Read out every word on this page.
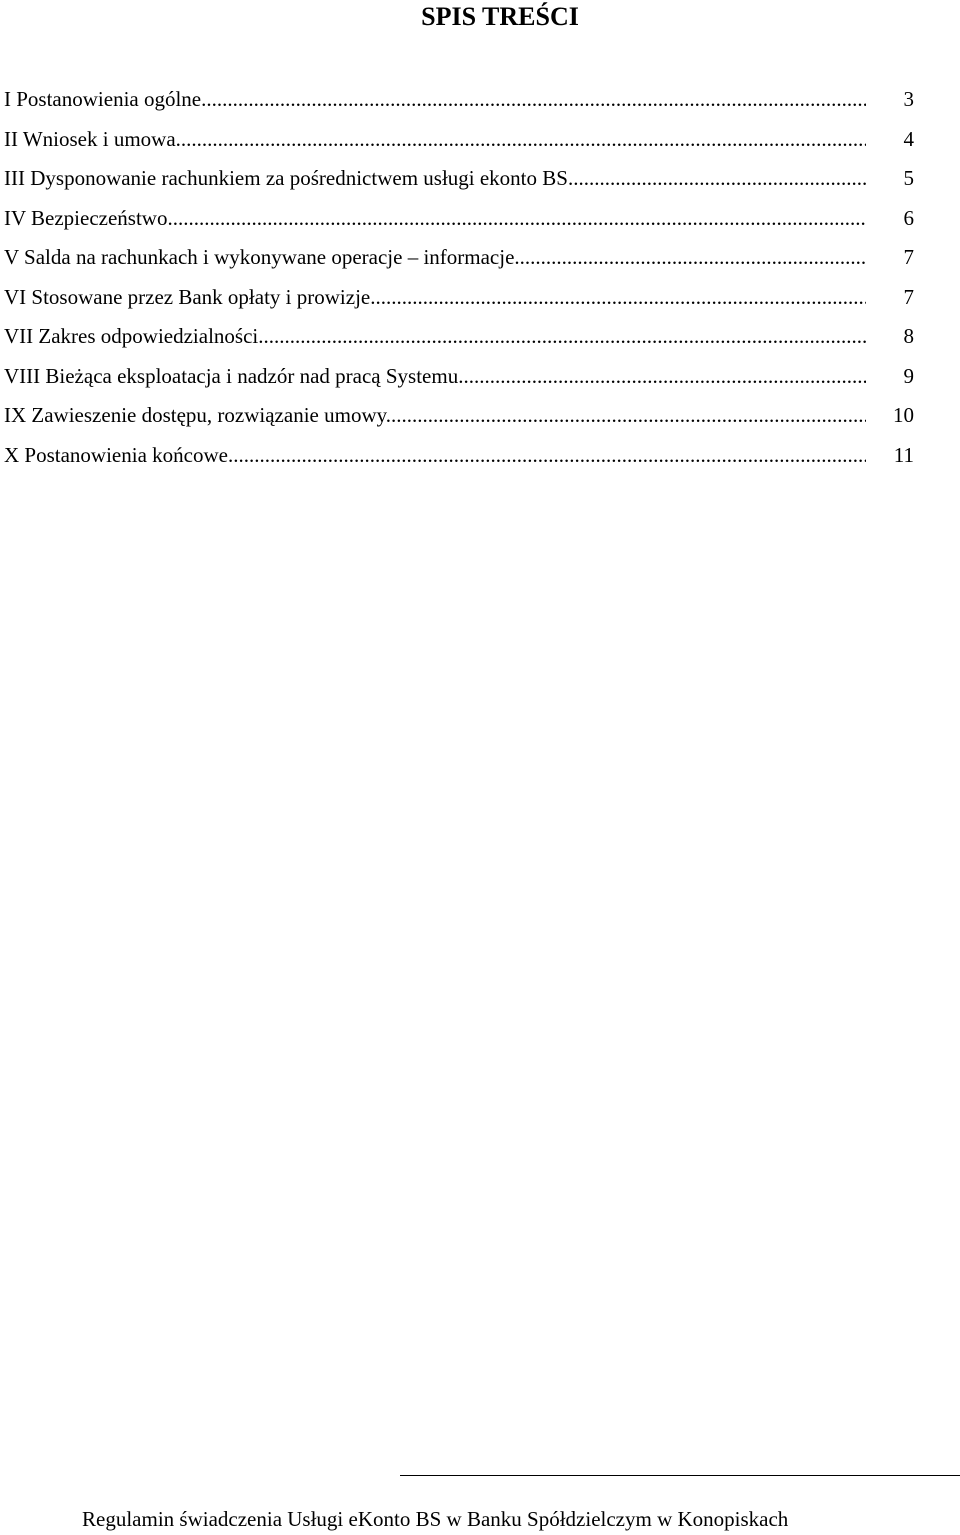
SPIS TREŚCI
I Postanowienia ogólne .....	3
II Wniosek i umowa .....	4
III Dysponowanie rachunkiem za pośrednictwem usługi ekonto BS .....	5
IV Bezpieczeństwo .....	6
V Salda na rachunkach i wykonywane operacje – informacje .....	7
VI Stosowane przez Bank opłaty i prowizje .....	7
VII Zakres odpowiedzialności .....	8
VIII Bieżąca eksploatacja i nadzór nad pracą Systemu .....	9
IX Zawieszenie dostępu, rozwiązanie umowy .....	10
X Postanowienia końcowe .....	11
Regulamin świadczenia Usługi eKonto BS w Banku Spółdzielczym w Konopiskach
